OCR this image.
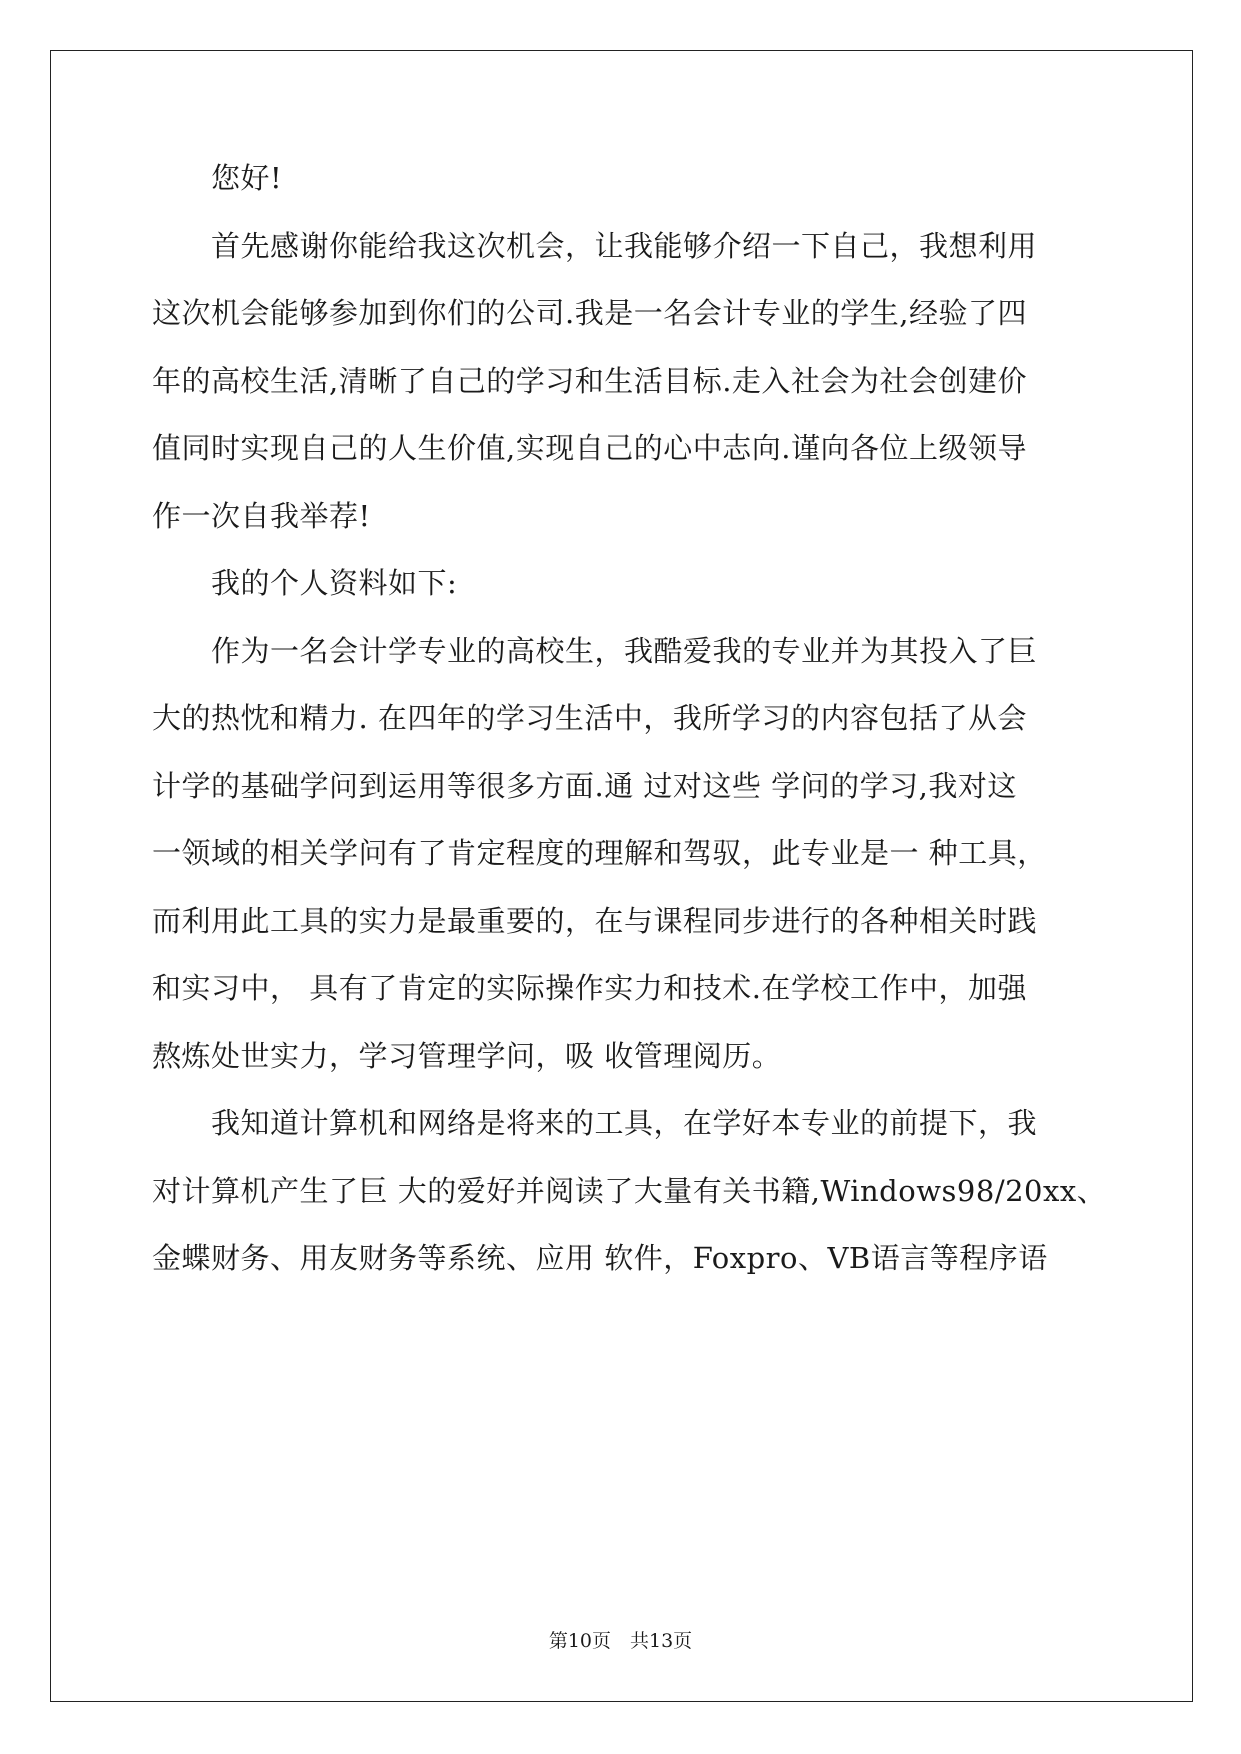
　　您好!
　　首先感谢你能给我这次机会，让我能够介绍一下自己，我想利用
这次机会能够参加到你们的公司.我是一名会计专业的学生,经验了四
年的高校生活,清晰了自己的学习和生活目标.走入社会为社会创建价
值同时实现自己的人生价值,实现自己的心中志向.谨向各位上级领导
作一次自我举荐!
　　我的个人资料如下:
　　作为一名会计学专业的高校生，我酷爱我的专业并为其投入了巨
大的热忱和精力. 在四年的学习生活中，我所学习的内容包括了从会
计学的基础学问到运用等很多方面.通 过对这些 学问的学习,我对这
一领域的相关学问有了肯定程度的理解和驾驭，此专业是一 种工具，
而利用此工具的实力是最重要的，在与课程同步进行的各种相关时践
和实习中， 具有了肯定的实际操作实力和技术.在学校工作中，加强
熬炼处世实力，学习管理学问，吸 收管理阅历。
　　我知道计算机和网络是将来的工具，在学好本专业的前提下，我
对计算机产生了巨 大的爱好并阅读了大量有关书籍,Windows98/20xx、
金蝶财务、用友财务等系统、应用 软件，Foxpro、VB语言等程序语
第10页　共13页
